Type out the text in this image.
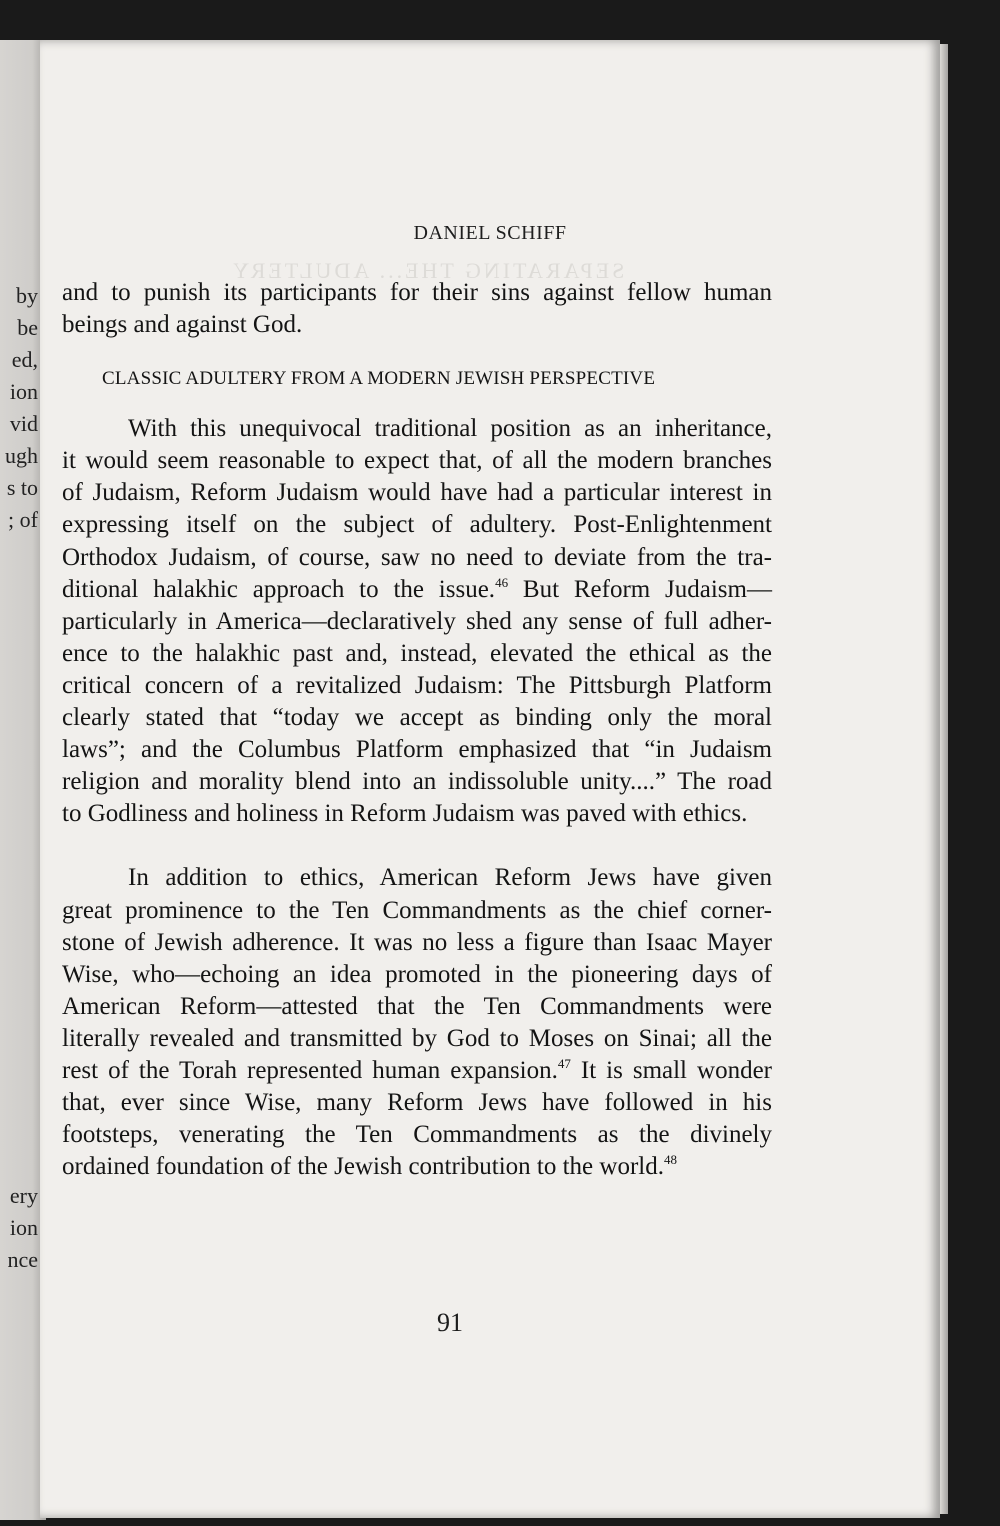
by
be
ed,
ion
vid
ugh
s to
; of
ery
ion
nce
SEPARATING THE... ADULTERY
DANIEL SCHIFF
and to punish its participants for their sins against fellow human
beings and against God.
CLASSIC ADULTERY FROM A MODERN JEWISH PERSPECTIVE
With this unequivocal traditional position as an inheritance,
it would seem reasonable to expect that, of all the modern branches
of Judaism, Reform Judaism would have had a particular interest in
expressing itself on the subject of adultery. Post-Enlightenment
Orthodox Judaism, of course, saw no need to deviate from the tra-
ditional halakhic approach to the issue.$^{46}$ But Reform Judaism—
particularly in America—declaratively shed any sense of full adher-
ence to the halakhic past and, instead, elevated the ethical as the
critical concern of a revitalized Judaism: The Pittsburgh Platform
clearly stated that “today we accept as binding only the moral
laws”; and the Columbus Platform emphasized that “in Judaism
religion and morality blend into an indissoluble unity....” The road
to Godliness and holiness in Reform Judaism was paved with ethics.
In addition to ethics, American Reform Jews have given
great prominence to the Ten Commandments as the chief corner-
stone of Jewish adherence. It was no less a figure than Isaac Mayer
Wise, who—echoing an idea promoted in the pioneering days of
American Reform—attested that the Ten Commandments were
literally revealed and transmitted by God to Moses on Sinai; all the
rest of the Torah represented human expansion.$^{47}$ It is small wonder
that, ever since Wise, many Reform Jews have followed in his
footsteps, venerating the Ten Commandments as the divinely
ordained foundation of the Jewish contribution to the world.$^{48}$
91
